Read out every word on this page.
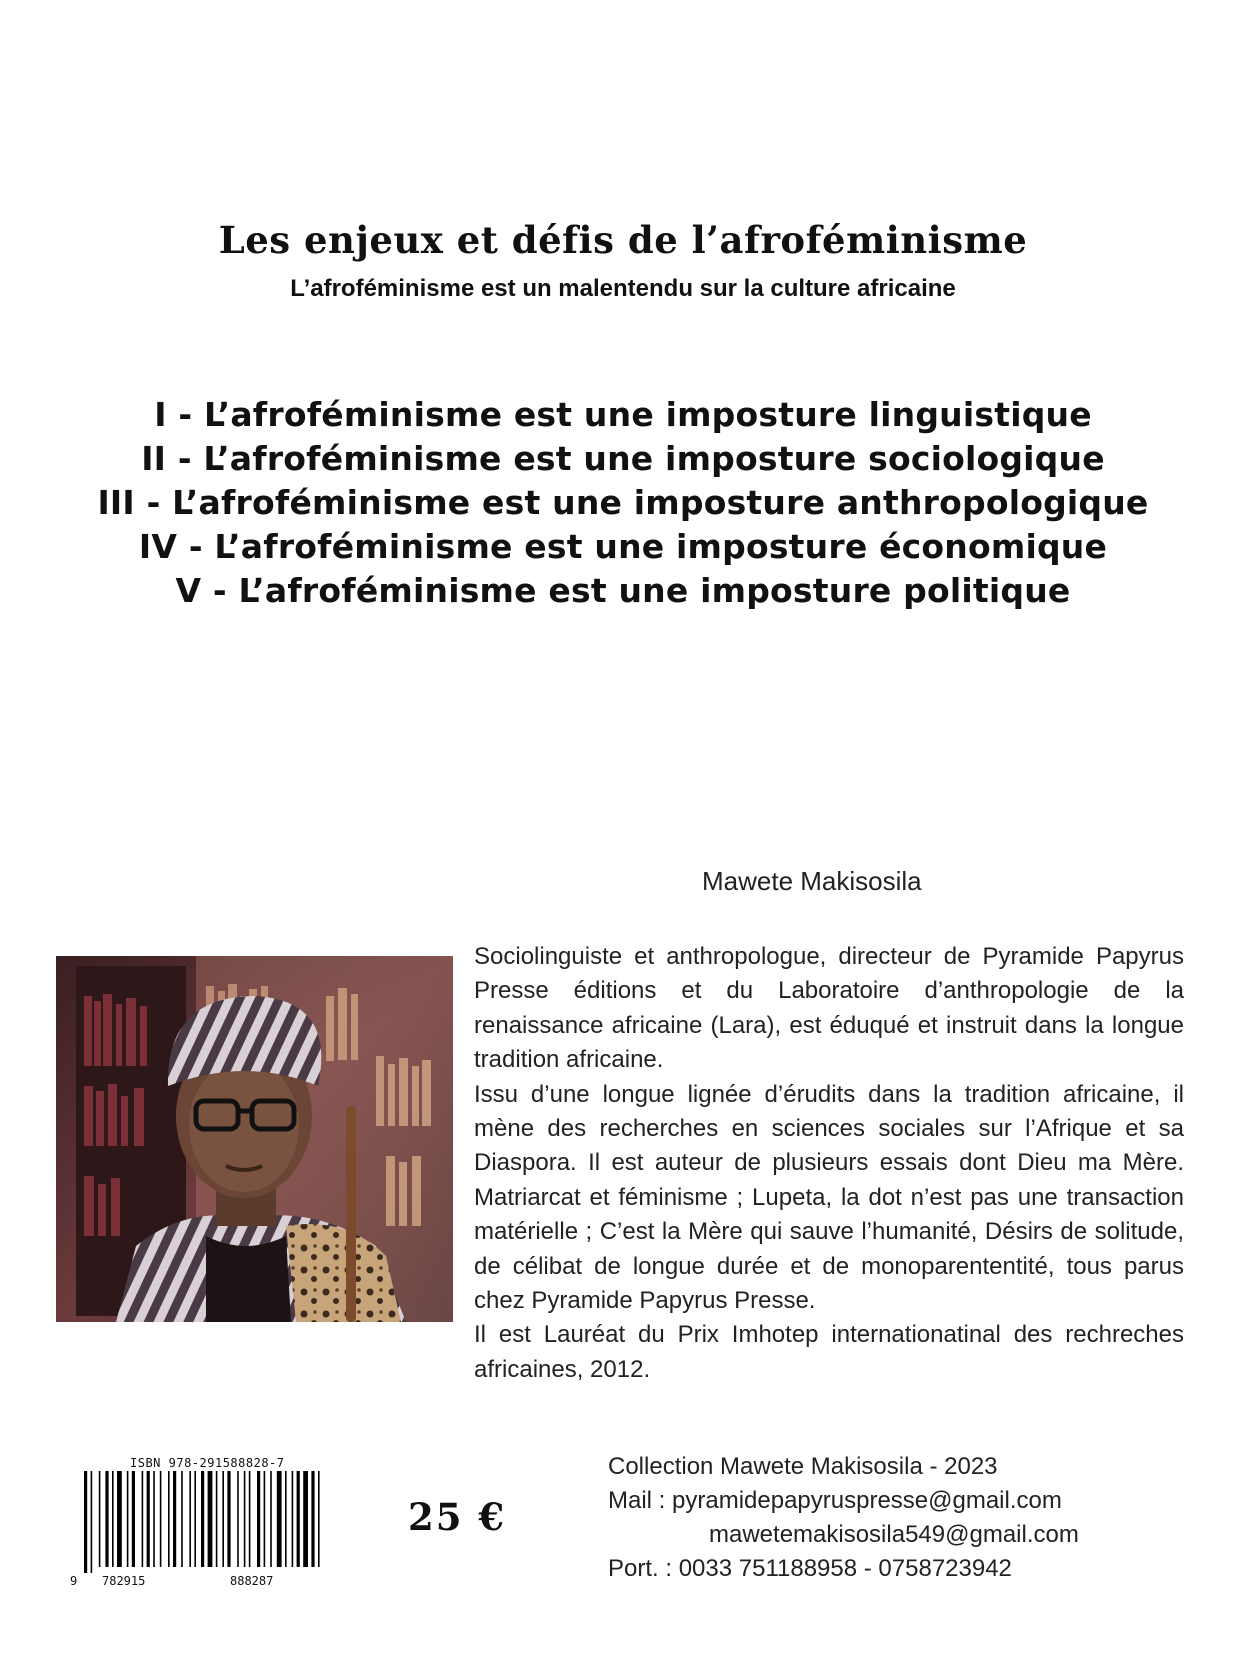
Les enjeux et défis de l’afroféminisme

L’afroféminisme est un malentendu sur la culture africaine

I - L’afroféminisme est une imposture linguistique
II - L’afroféminisme est une imposture sociologique
III - L’afroféminisme est une imposture anthropologique
IV - L’afroféminisme est une imposture économique
V - L’afroféminisme est une imposture politique

Mawete Makisosila

Sociolinguiste et anthropologue, directeur de Pyramide Papyrus Presse éditions et du Laboratoire d’anthropologie de la renaissance africaine (Lara), est éduqué et instruit dans la longue tradition africaine.

Issu d’une longue lignée d’érudits dans la tradition africaine, il mène des recherches en sciences sociales sur l’Afrique et sa Diaspora. Il est auteur de plusieurs essais dont Dieu ma Mère. Matriarcat et féminisme ; Lupeta, la dot n’est pas une transaction matérielle ; C’est la Mère qui sauve l’humanité, Désirs de solitude, de célibat de longue durée et de monoparententité, tous parus chez Pyramide Papyrus Presse.

Il est Lauréat du Prix Imhotep internationatinal des rechreches africaines, 2012.

ISBN 978-291588828-7
9 782915	888287

25 €

Collection Mawete Makisosila - 2023
Mail : pyramidepapyruspresse@gmail.com
mawetemakisosila549@gmail.com
Port. : 0033 751188958 - 0758723942
